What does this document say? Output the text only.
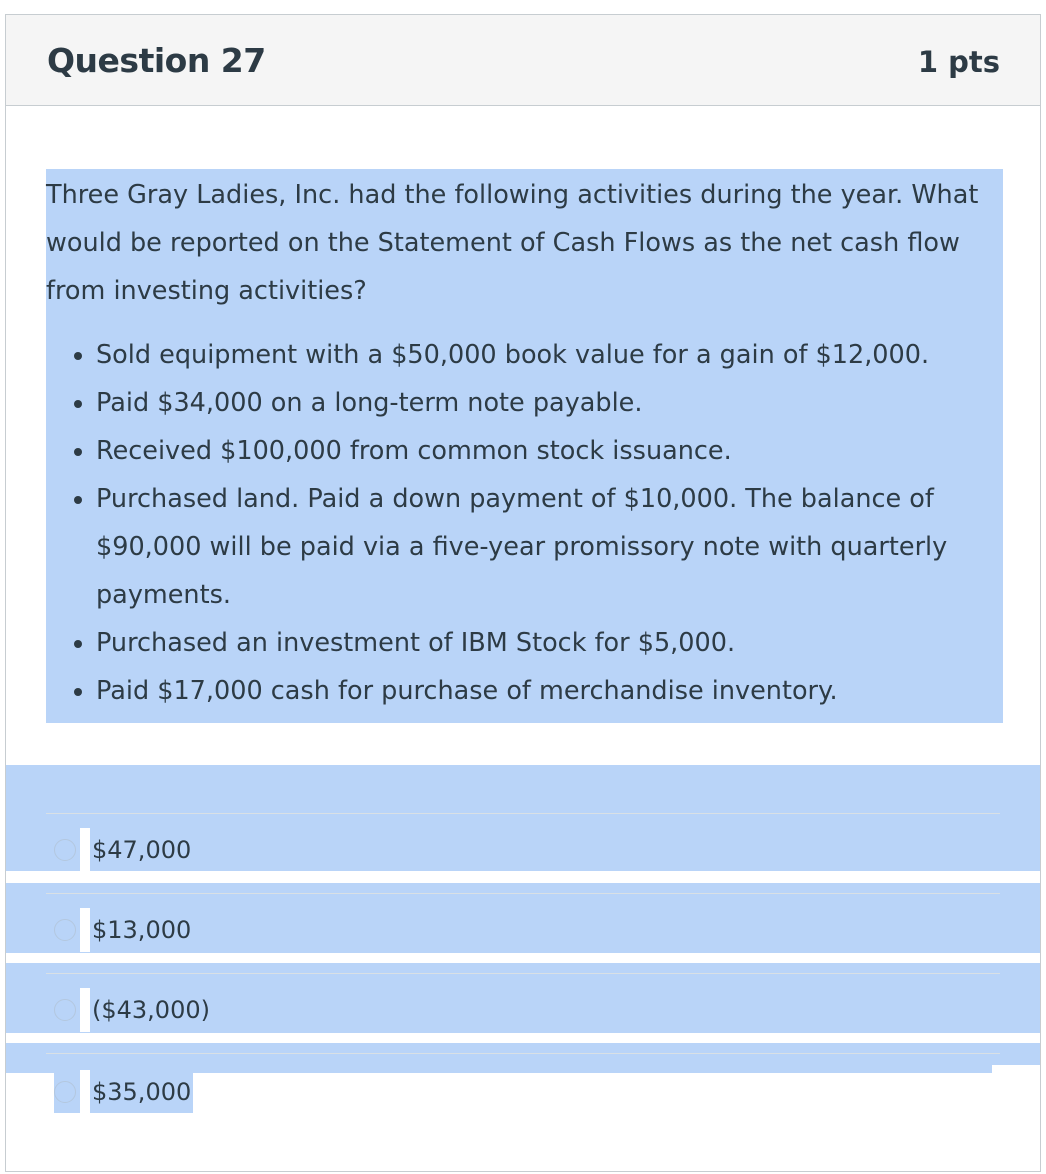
Question 27	1 pts

Three Gray Ladies, Inc. had the following activities during the year. What would be reported on the Statement of Cash Flows as the net cash flow from investing activities?

• Sold equipment with a $50,000 book value for a gain of $12,000.
• Paid $34,000 on a long-term note payable.
• Received $100,000 from common stock issuance.
• Purchased land. Paid a down payment of $10,000. The balance of $90,000 will be paid via a five-year promissory note with quarterly payments.
• Purchased an investment of IBM Stock for $5,000.
• Paid $17,000 cash for purchase of merchandise inventory.
$47,000
$13,000
($43,000)
$35,000
